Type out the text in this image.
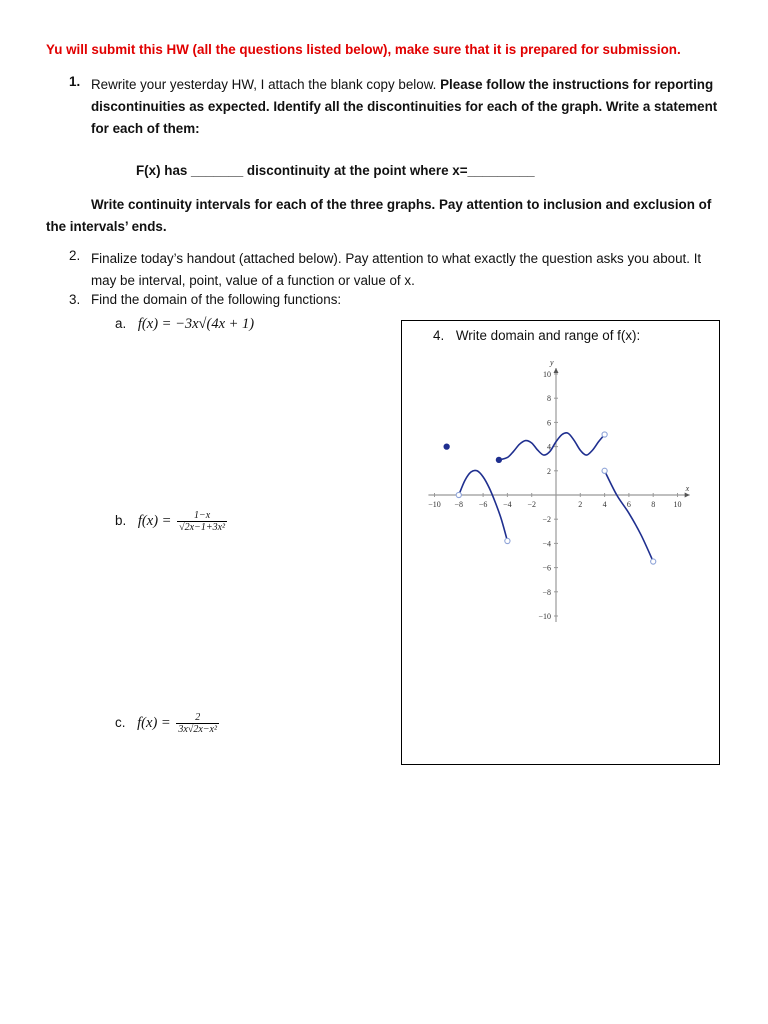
Yu will submit this HW (all the questions listed below), make sure that it is prepared for submission.
1. Rewrite your yesterday HW, I attach the blank copy below. Please follow the instructions for reporting discontinuities as expected. Identify all the discontinuities for each of the graph. Write a statement for each of them:
F(x) has _______ discontinuity at the point where x=_________
Write continuity intervals for each of the three graphs. Pay attention to inclusion and exclusion of the intervals’ ends.
2. Finalize today’s handout (attached below). Pay attention to what exactly the question asks you about. It may be interval, point, value of a function or value of x.
3. Find the domain of the following functions:
a. f(x) = −3x√(4x + 1)
b. $f(x) = \frac{1-x}{\text{√2x−1+3x²}}$
c. $f(x) = \frac{2}{\text{3x√2x−x²}}$
4. Write domain and range of f(x):
x
y
−10 −8 −6 −4 −2	2	4	6	8 10
10
8
6
4
2
−2
−4
−6
−8
−10
